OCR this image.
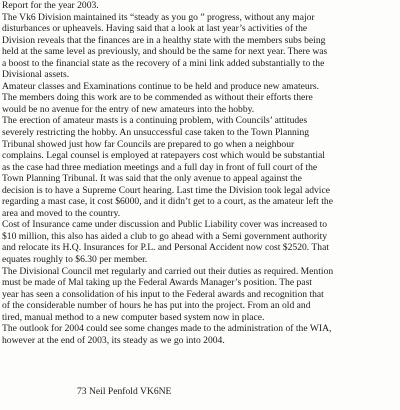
Report for the year 2003.
The Vk6 Division maintained its “steady as you go ” progress, without any major
disturbances or upheavels. Having said that a look at last year’s activities of the
Division reveals that the finances are in a healthy state with the members subs being
held at the same level as previously, and should be the same for next year. There was
a boost to the financial state as the recovery of a mini link added substantially to the
Divisional assets.
Amateur classes and Examinations continue to be held and produce new amateurs.
The members doing this work are to be commended as without their efforts there
would be no avenue for the entry of new amateurs into the hobby.
The erection of amateur masts is a continuing problem, with Councils’ attitudes
severely restricting the hobby. An unsuccessful case taken to the Town Planning
Tribunal showed just how far Councils are prepared to go when a neighbour
complains. Legal counsel is employed at ratepayers cost which would be substantial
as the case had three mediation meetings and a full day in front of full court of the
Town Planning Tribunal. It was said that the only avenue to appeal against the
decision is to have a Supreme Court hearing. Last time the Division took legal advice
regarding a mast case, it cost $6000, and it didn’t get to a court, as the amateur left the
area and moved to the country.
Cost of Insurance came under discussion and Public Liability cover was increased to
$10 million, this also has aided a club to go ahead with a Semi government authority
and relocate its H.Q. Insurances for P.L. and Personal Accident now cost $2520. That
equates roughly to $6.30 per member.
The Divisional Council met regularly and carried out their duties as required. Mention
must be made of Mal taking up the Federal Awards Manager’s position. The past
year has seen a consolidation of his input to the Federal awards and recognition that
of the considerable number of hours he has put into the project. From an old and
tired, manual method to a new computer based system now in place.
The outlook for 2004 could see some changes made to the administration of the WIA,
however at the end of 2003, its steady as we go into 2004.
73 Neil Penfold VK6NE
